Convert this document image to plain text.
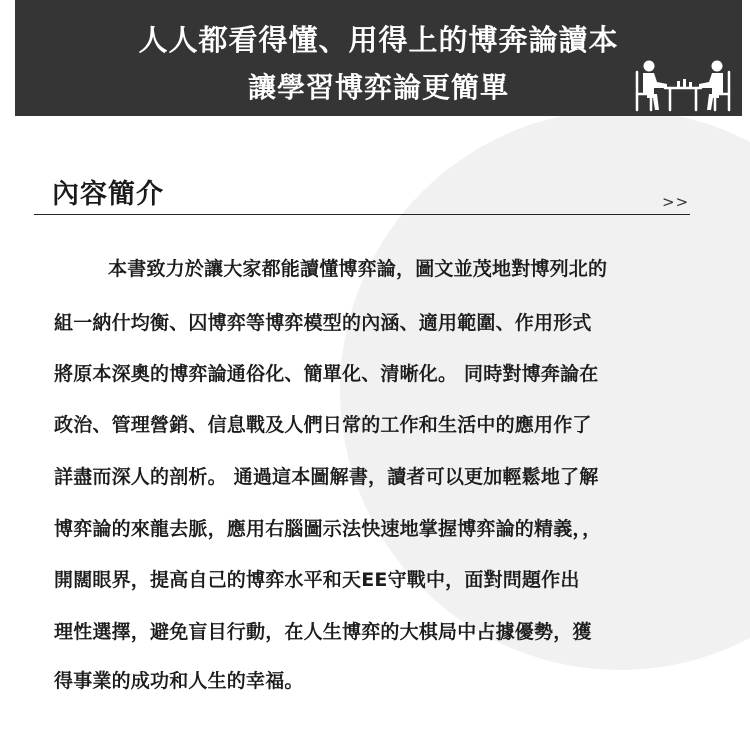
人人都看得懂、用得上的博奔論讀本
讓學習博弈論更簡單
內容簡介	>>
本書致力於讓大家都能讀懂博弈論，圖文並茂地對博列北的
組一納什均衡、囚博弈等博弈模型的內涵、適用範圍、作用形式
將原本深奧的博弈論通俗化、簡單化、清晰化。 同時對博奔論在
政治、管理營銷、信息戰及人們日常的工作和生活中的應用作了
詳盡而深人的剖析。 通過這本圖解書，讀者可以更加輕鬆地了解
博弈論的來龍去脈，應用右腦圖示法快速地掌握博弈論的精義，，
開闊眼界，提高自己的博弈水平和天EE守戰中，面對問題作出
理性選擇，避免盲目行動，在人生博弈的大棋局中占據優勢，獲
得事業的成功和人生的幸福。
